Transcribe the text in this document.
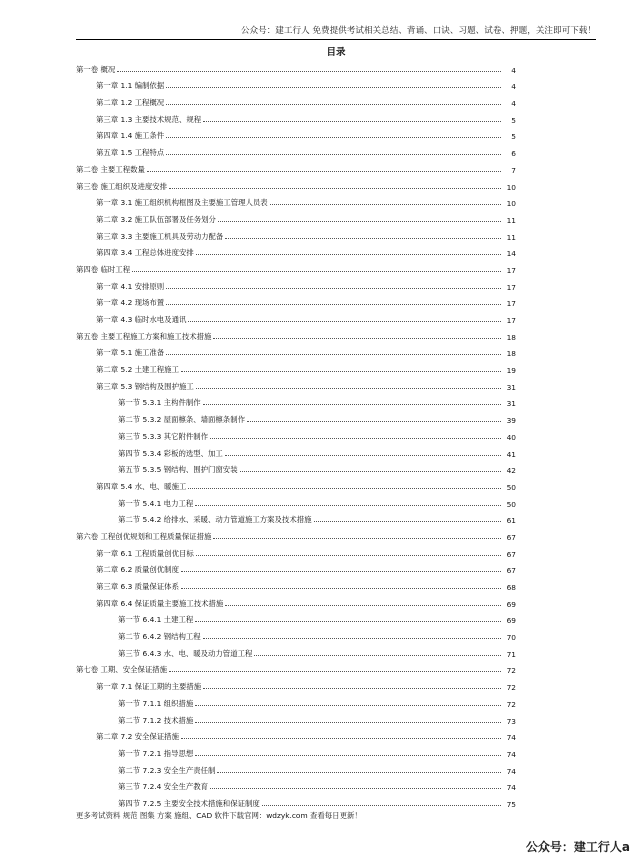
公众号：建工行人 免费提供考试相关总结、背诵、口诀、习题、试卷、押题，关注即可下载！
目录
第一卷 概况	4
第一章 1.1 编制依据	4
第二章 1.2 工程概况	4
第三章 1.3 主要技术规范、规程	5
第四章 1.4 施工条件	5
第五章 1.5 工程特点	6
第二卷 主要工程数量	7
第三卷 施工组织及进度安排	10
第一章 3.1 施工组织机构框图及主要施工管理人员表	10
第二章 3.2 施工队伍部署及任务划分	11
第三章 3.3 主要施工机具及劳动力配备	11
第四章 3.4 工程总体进度安排	14
第四卷 临时工程	17
第一章 4.1 安排原则	17
第一章 4.2 现场布置	17
第一章 4.3 临时水电及通讯	17
第五卷 主要工程施工方案和施工技术措施	18
第一章 5.1 施工准备	18
第二章 5.2 土建工程施工	19
第三章 5.3 钢结构及围护施工	31
第一节 5.3.1 主构件制作	31
第二节 5.3.2 屋面檩条、墙面檩条制作	39
第三节 5.3.3 其它附件制作	40
第四节 5.3.4 彩板的选型、加工	41
第五节 5.3.5 钢结构、围护门窗安装	42
第四章 5.4 水、电、暖施工	50
第一节 5.4.1 电力工程	50
第二节 5.4.2 给排水、采暖、动力管道施工方案及技术措施	61
第六卷 工程创优规划和工程质量保证措施	67
第一章 6.1 工程质量创优目标	67
第二章 6.2 质量创优制度	67
第三章 6.3 质量保证体系	68
第四章 6.4 保证质量主要施工技术措施	69
第一节 6.4.1 土建工程	69
第二节 6.4.2 钢结构工程	70
第三节 6.4.3 水、电、暖及动力管道工程	71
第七卷 工期、安全保证措施	72
第一章 7.1 保证工期的主要措施	72
第一节 7.1.1 组织措施	72
第二节 7.1.2 技术措施	73
第二章 7.2 安全保证措施	74
第一节 7.2.1 指导思想	74
第二节 7.2.3 安全生产责任制	74
第三节 7.2.4 安全生产教育	74
第四节 7.2.5 主要安全技术措施和保证制度	75
更多考试资料 规范 图集 方案 施组、CAD 软件下载官网：wdzyk.com 查看每日更新！
公众号：建工行人a
